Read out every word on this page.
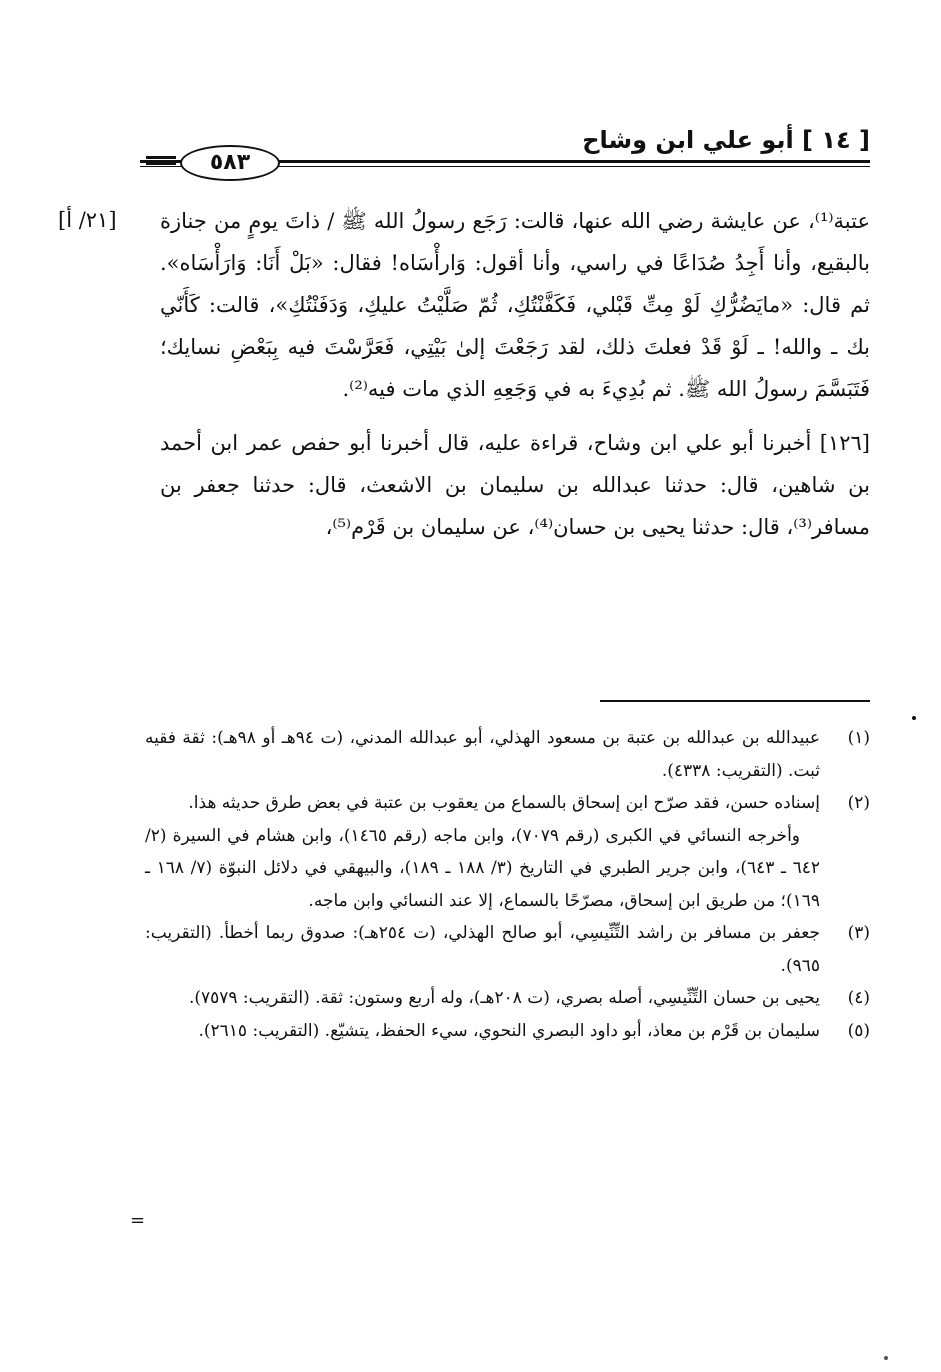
[ ١٤ ] أبو علي ابن وشاح
٥٨٣
[٢١/ أ] عتبة⁽¹⁾، عن عايشة رضي الله عنها، قالت: رَجَع رسولُ الله ﷺ / ذاتَ يومٍ من جنازة بالبقيع، وأنا أَجِدُ صُدَاعًا في راسي، وأنا أقول: وَارأْسَاه! فقال: «بَلْ أَنَا: وَارَأْسَاه». ثم قال: «مايَضُرُّكِ لَوْ مِتِّ قَبْلي، فَكَفَّنْتُكِ، ثُمّ صَلَّيْتُ عليكِ، وَدَفَنْتُكِ»، قالت: كَأَنّي بك ـ والله! ـ لَوْ قَدْ فعلتَ ذلك، لقد رَجَعْتَ إلىٰ بَيْتِي، فَعَرَّسْتَ فيه بِبَعْضِ نسايك؛ فَتَبَسَّمَ رسولُ الله ﷺ. ثم بُدِيءَ به في وَجَعِهِ الذي مات فيه⁽²⁾.

[١٢٦] أخبرنا أبو علي ابن وشاح، قراءة عليه، قال أخبرنا أبو حفص عمر ابن أحمد بن شاهين، قال: حدثنا عبدالله بن سليمان بن الاشعث، قال: حدثنا جعفر بن مسافر⁽³⁾، قال: حدثنا يحيى بن حسان⁽⁴⁾، عن سليمان بن قَرْم⁽⁵⁾،

(١)
عبيدالله بن عبدالله بن عتبة بن مسعود الهذلي، أبو عبدالله المدني، (ت ٩٤هـ أو ٩٨هـ): ثقة فقيه ثبت. (التقريب: ٤٣٣٨).
(٢)
إسناده حسن، فقد صرّح ابن إسحاق بالسماع من يعقوب بن عتبة في بعض طرق حديثه هذا.
وأخرجه النسائي في الكبرى (رقم ٧٠٧٩)، وابن ماجه (رقم ١٤٦٥)، وابن هشام في السيرة (٢/ ٦٤٢ ـ ٦٤٣)، وابن جرير الطبري في التاريخ (٣/ ١٨٨ ـ ١٨٩)، والبيهقي في دلائل النبوّة (٧/ ١٦٨ ـ ١٦٩)؛ من طريق ابن إسحاق، مصرّحًا بالسماع، إلا عند النسائي وابن ماجه.
(٣)
جعفر بن مسافر بن راشد التِّنِّيسِي، أبو صالح الهذلي، (ت ٢٥٤هـ): صدوق ربما أخطأ. (التقريب: ٩٦٥).
(٤)
يحيى بن حسان التِّنِّيسِي، أصله بصري، (ت ٢٠٨هـ)، وله أربع وستون: ثقة. (التقريب: ٧٥٧٩).
(٥)
سليمان بن قَرْم بن معاذ، أبو داود البصري النحوي، سيء الحفظ، يتشيّع. (التقريب: ٢٦١٥).
=
